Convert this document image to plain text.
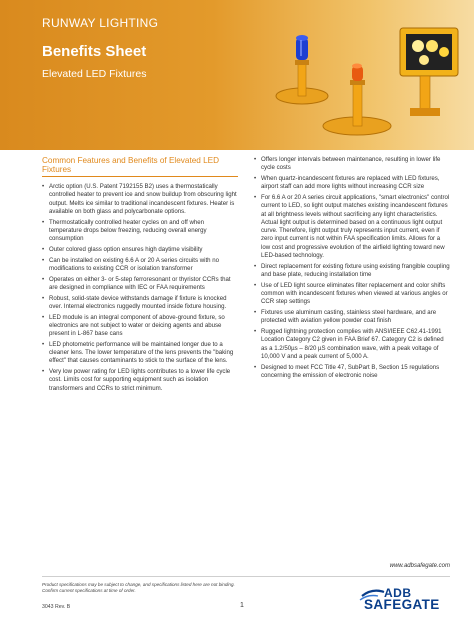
RUNWAY LIGHTING
Benefits Sheet
Elevated LED Fixtures
Common Features and Benefits of Elevated LED Fixtures
• Arctic option (U.S. Patent 7192155 B2) uses a thermostatically controlled heater to prevent ice and snow buildup from obscuring light output. Melts ice similar to traditional incandescent fixtures. Heater is available on both glass and polycarbonate options.
• Thermostatically controlled heater cycles on and off when temperature drops below freezing, reducing overall energy consumption
• Outer colored glass option ensures high daytime visibility
• Can be installed on existing 6.6 A or 20 A series circuits with no modifications to existing CCR or isolation transformer
• Operates on either 3- or 5-step ferroresonant or thyristor CCRs that are designed in compliance with IEC or FAA requirements
• Robust, solid-state device withstands damage if fixture is knocked over. Internal electronics ruggedly mounted inside fixture housing.
• LED module is an integral component of above-ground fixture, so electronics are not subject to water or deicing agents and abuse present in L-867 base cans
• LED photometric performance will be maintained longer due to a cleaner lens. The lower temperature of the lens prevents the "baking effect" that causes contaminants to stick to the surface of the lens.
• Very low power rating for LED lights contributes to a lower life cycle cost. Limits cost for supporting equipment such as isolation transformers and CCRs to strict minimum.
• Offers longer intervals between maintenance, resulting in lower life cycle costs
• When quartz-incandescent fixtures are replaced with LED fixtures, airport staff can add more lights without increasing CCR size
• For 6.6 A or 20 A series circuit applications, "smart electronics" control current to LED, so light output matches existing incandescent fixtures at all brightness levels without sacrificing any light characteristics. Actual light output is determined based on a continuous light output curve. Therefore, light output truly represents input current, even if zero input current is not within FAA specification limits. Allows for a low cost and progressive evolution of the airfield lighting toward new LED-based technology.
• Direct replacement for existing fixture using existing frangible coupling and base plate, reducing installation time
• Use of LED light source eliminates filter replacement and color shifts common with incandescent fixtures when viewed at various angles or CCR step settings
• Fixtures use aluminum casting, stainless steel hardware, and are protected with aviation yellow powder coat finish
• Rugged lightning protection complies with ANSI/IEEE C62.41-1991 Location Category C2 given in FAA Brief 67. Category C2 is defined as a 1.2/50µs – 8/20 µS combination wave, with a peak voltage of 10,000 V and a peak current of 5,000 A.
• Designed to meet FCC Title 47, SubPart B, Section 15 regulations concerning the emission of electronic noise
www.adbsafegate.com
Product specifications may be subject to change, and specifications listed here are not binding. Confirm current specifications at time of order.
3043 Rev. B	1
ADB
SAFEGATE
